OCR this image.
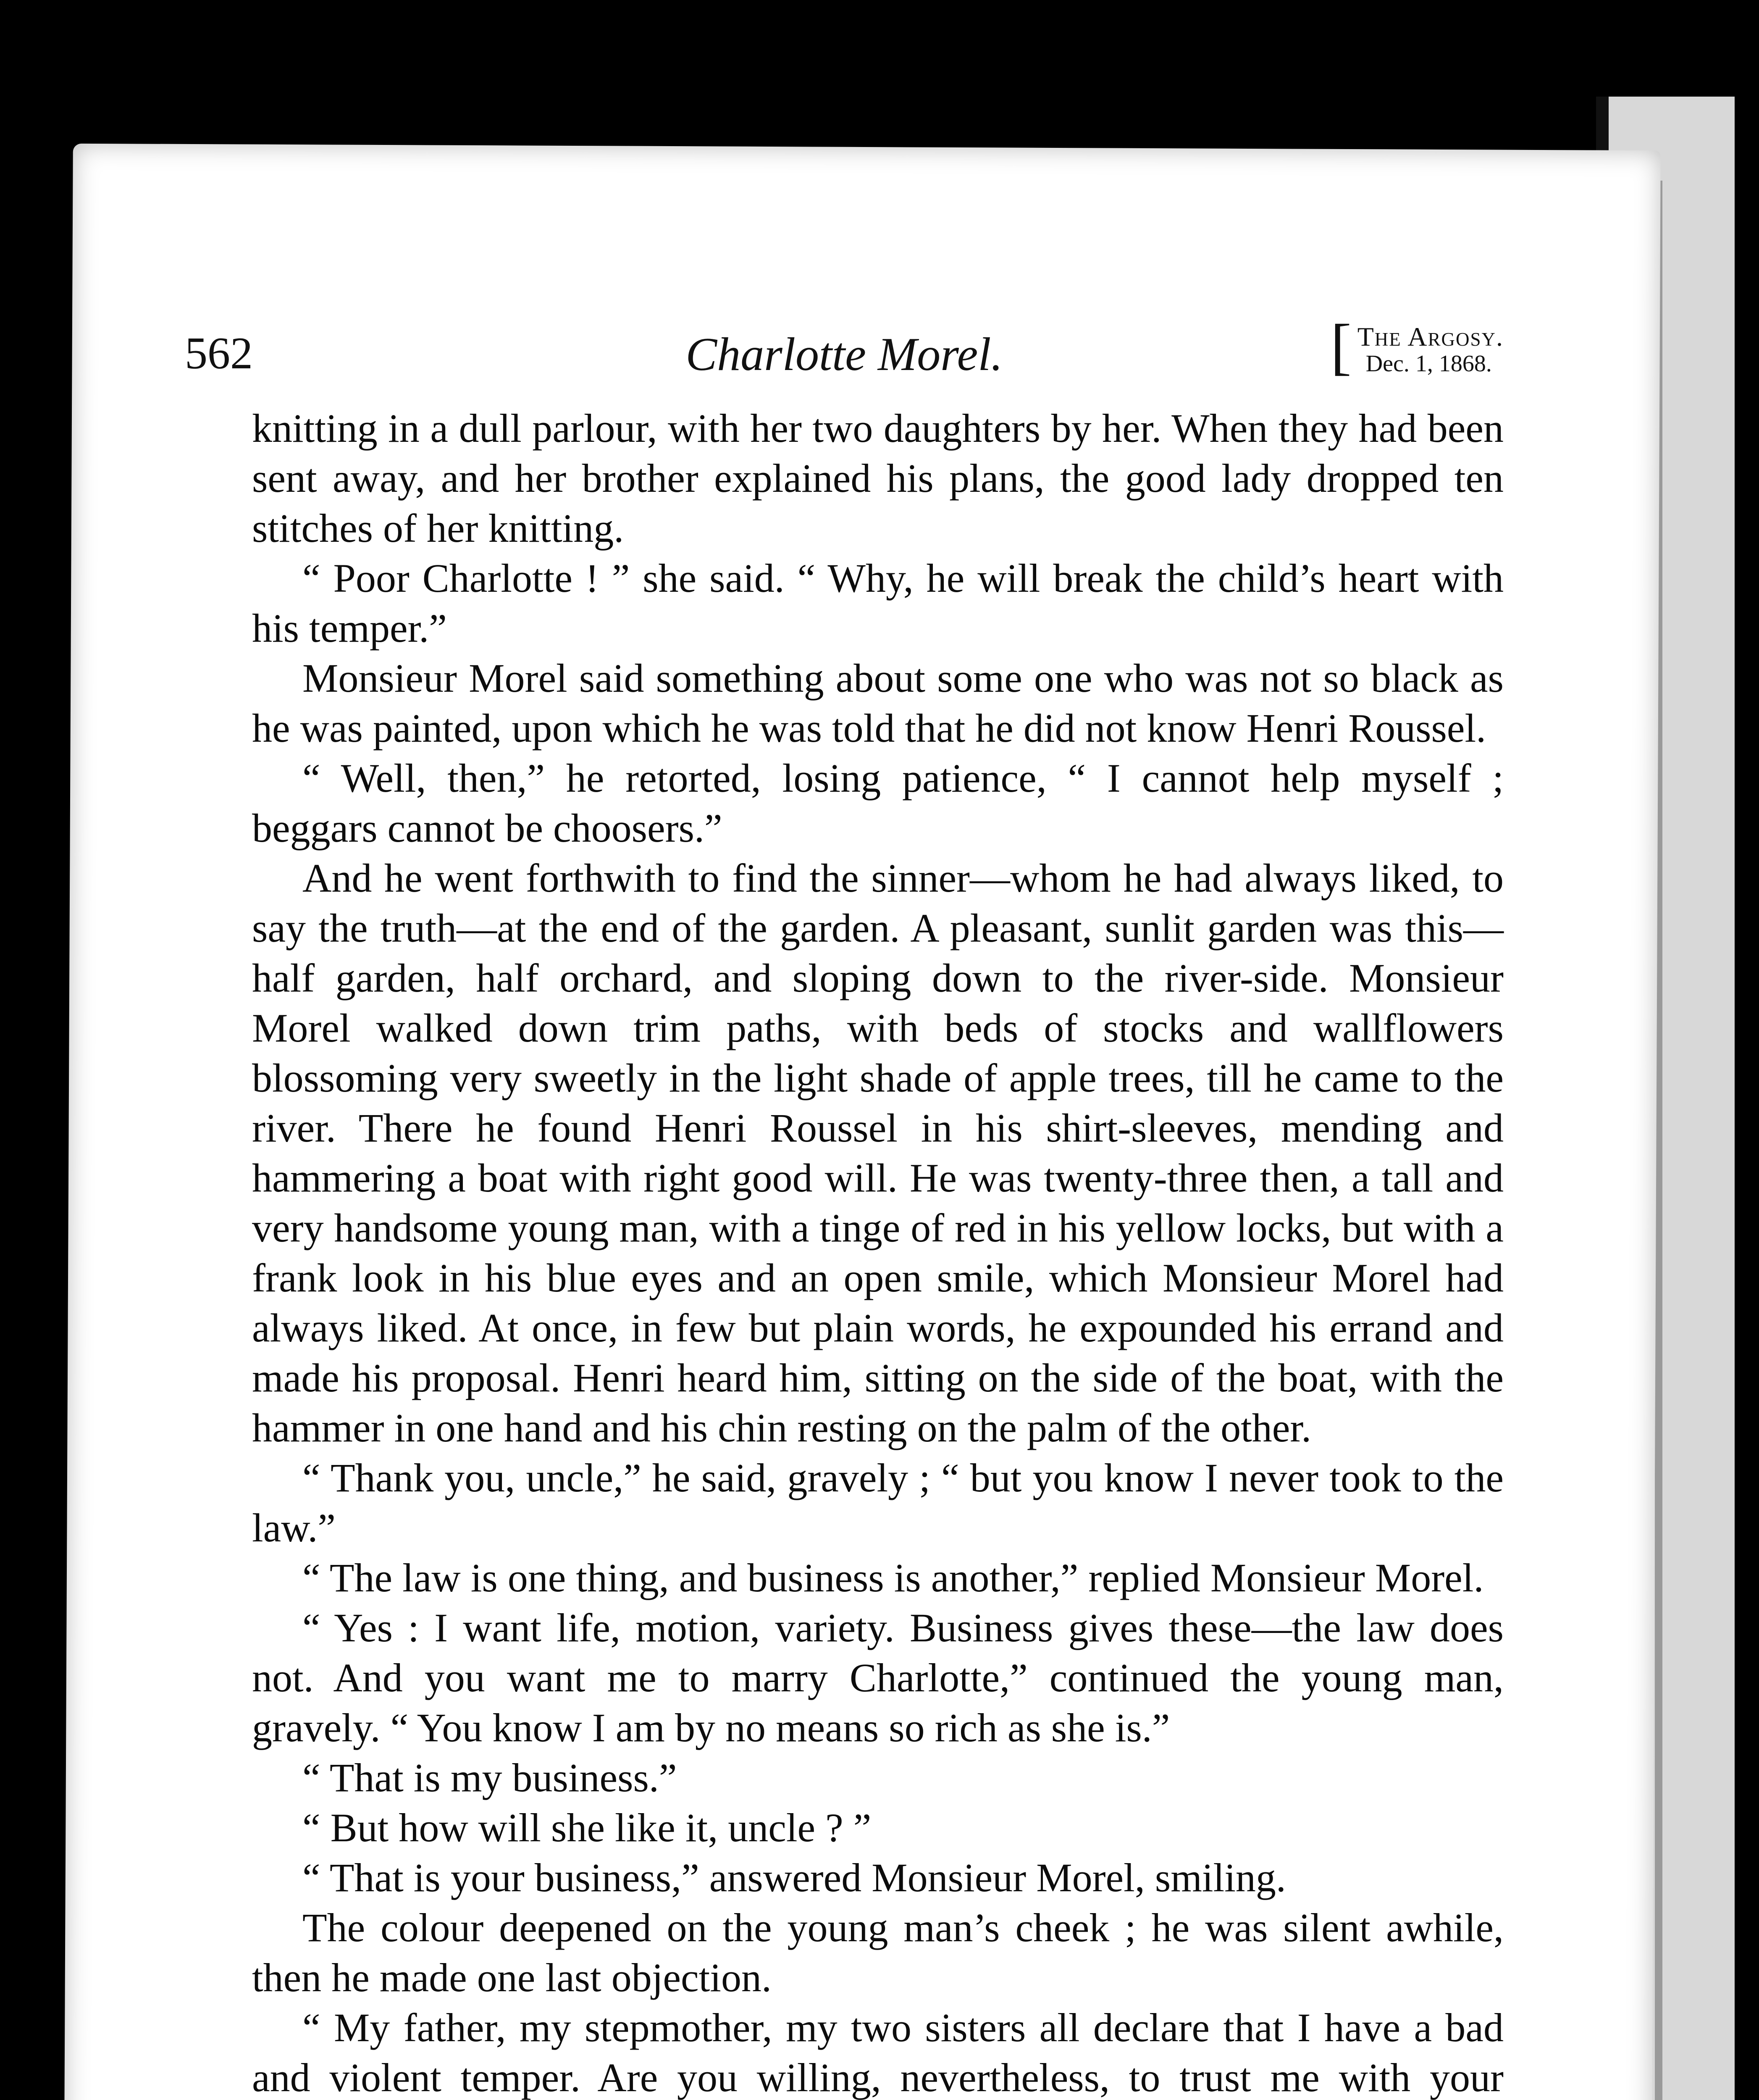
562	Charlotte Morel.	[ The Argosy.
Dec. 1, 1868.

knitting in a dull parlour, with her two daughters by her. When they had been sent away, and her brother explained his plans, the good lady dropped ten stitches of her knitting.

“ Poor Charlotte ! ” she said. “ Why, he will break the child’s heart with his temper.”

Monsieur Morel said something about some one who was not so black as he was painted, upon which he was told that he did not know Henri Roussel.

“ Well, then,” he retorted, losing patience, “ I cannot help myself ; beggars cannot be choosers.”

And he went forthwith to find the sinner—whom he had always liked, to say the truth—at the end of the garden. A pleasant, sunlit garden was this—half garden, half orchard, and sloping down to the river-side. Monsieur Morel walked down trim paths, with beds of stocks and wallflowers blossoming very sweetly in the light shade of apple trees, till he came to the river. There he found Henri Roussel in his shirt-sleeves, mending and hammering a boat with right good will. He was twenty-three then, a tall and very handsome young man, with a tinge of red in his yellow locks, but with a frank look in his blue eyes and an open smile, which Monsieur Morel had always liked. At once, in few but plain words, he expounded his errand and made his proposal. Henri heard him, sitting on the side of the boat, with the hammer in one hand and his chin resting on the palm of the other.

“ Thank you, uncle,” he said, gravely ; “ but you know I never took to the law.”

“ The law is one thing, and business is another,” replied Monsieur Morel.

“ Yes : I want life, motion, variety. Business gives these—the law does not. And you want me to marry Charlotte,” continued the young man, gravely. “ You know I am by no means so rich as she is.”

“ That is my business.”

“ But how will she like it, uncle ? ”

“ That is your business,” answered Monsieur Morel, smiling.

The colour deepened on the young man’s cheek ; he was silent awhile, then he made one last objection.

“ My father, my stepmother, my two sisters all declare that I have a bad and violent temper. Are you willing, nevertheless, to trust me with your
